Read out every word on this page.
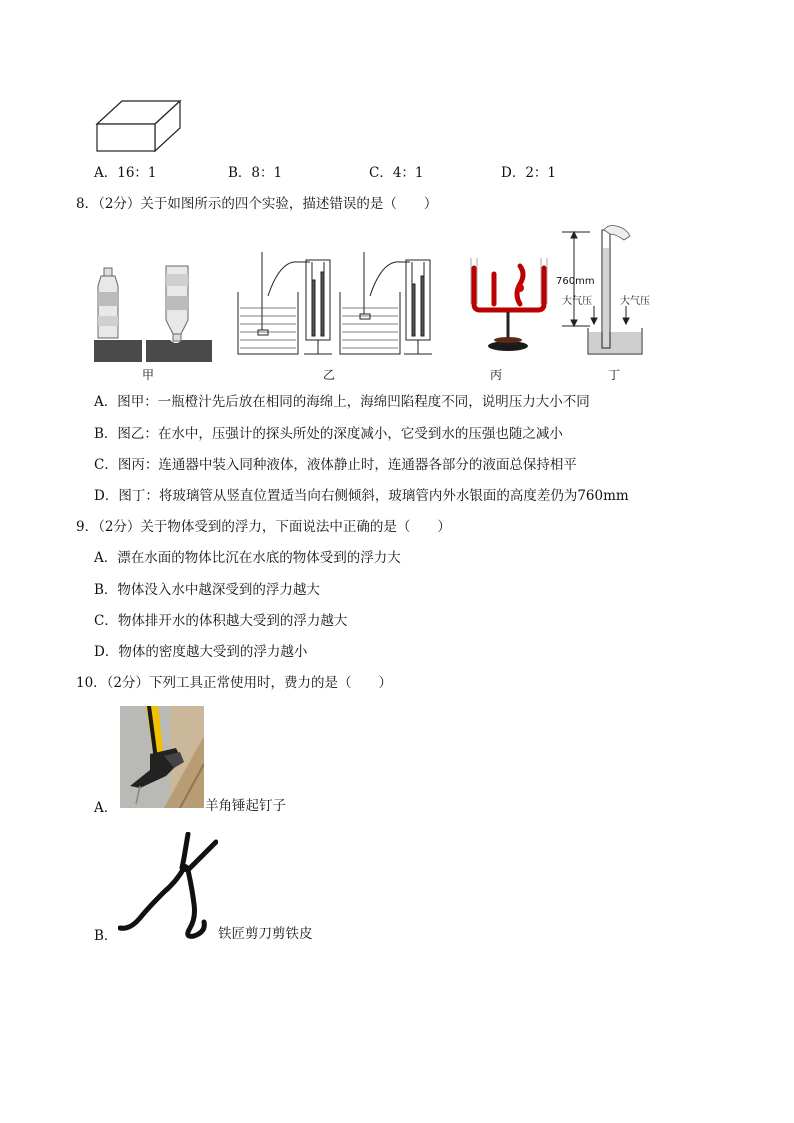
A．16：1	B．8：1	C．4：1	D．2：1
8．（2分）关于如图所示的四个实验，描述错误的是（　　）
760mm
大气压	大气压
甲	乙	丙	丁
A．图甲：一瓶橙汁先后放在相同的海绵上，海绵凹陷程度不同，说明压力大小不同
B．图乙：在水中，压强计的探头所处的深度减小，它受到水的压强也随之减小
C．图丙：连通器中装入同种液体，液体静止时，连通器各部分的液面总保持相平
D．图丁：将玻璃管从竖直位置适当向右侧倾斜，玻璃管内外水银面的高度差仍为760mm
9．（2分）关于物体受到的浮力，下面说法中正确的是（　　）
A．漂在水面的物体比沉在水底的物体受到的浮力大
B．物体没入水中越深受到的浮力越大
C．物体排开水的体积越大受到的浮力越大
D．物体的密度越大受到的浮力越小
10．（2分）下列工具正常使用时，费力的是（　　）
A．	羊角锤起钉子
B．	铁匠剪刀剪铁皮
